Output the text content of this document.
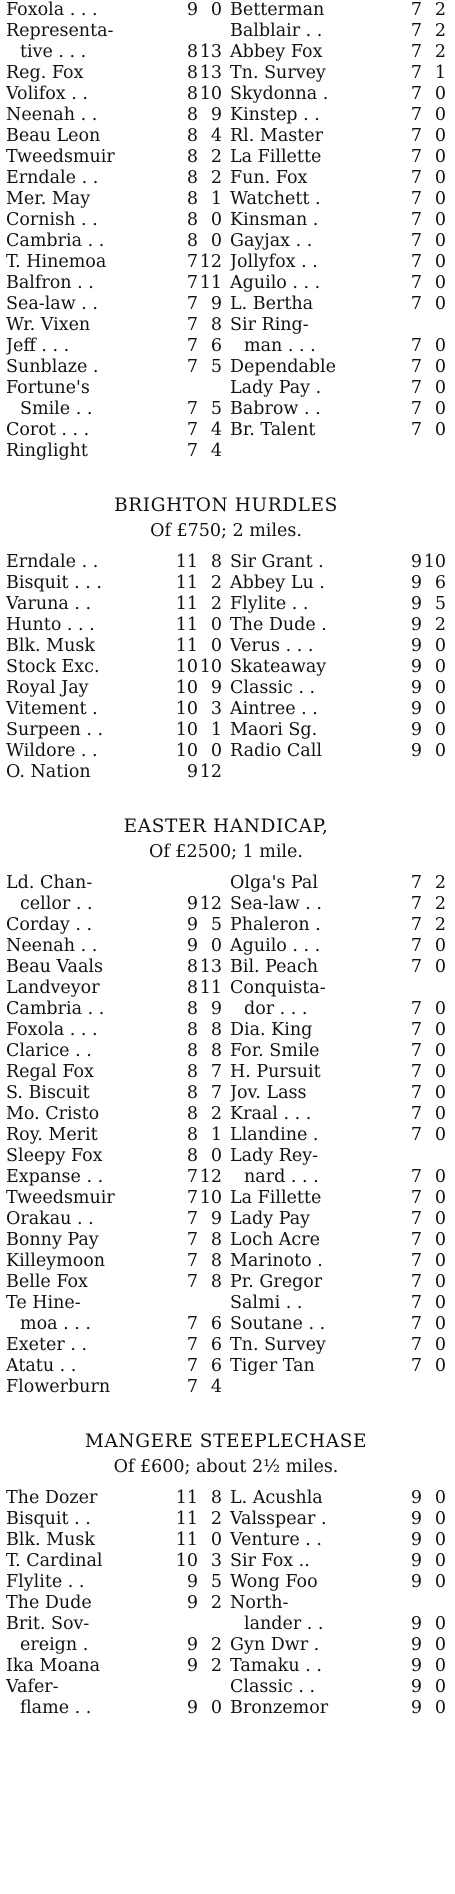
Foxola . . .	9 0
Representa-
tive . . .	8 13
Reg. Fox	8 13
Volifox . .	8 10
Neenah . .	8 9
Beau Leon	8 4
Tweedsmuir	8 2
Erndale . .	8 2
Mer. May	8 1
Cornish . .	8 0
Cambria . .	8 0
T. Hinemoa	7 12
Balfron . .	7 11
Sea-law . .	7 9
Wr. Vixen	7 8
Jeff . . .	7 6
Sunblaze .	7 5
Fortune's
Smile . .	7 5
Corot . . .	7 4
Ringlight	7 4
Betterman	7 2
Balblair . .	7 2
Abbey Fox	7 2
Tn. Survey	7 1
Skydonna .	7 0
Kinstep . .	7 0
Rl. Master	7 0
La Fillette	7 0
Fun. Fox	7 0
Watchett .	7 0
Kinsman .	7 0
Gayjax . .	7 0
Jollyfox . .	7 0
Aguilo . . .	7 0
L. Bertha	7 0
Sir Ring-
man . . .	7 0
Dependable	7 0
Lady Pay .	7 0
Babrow . .	7 0
Br. Talent	7 0
BRIGHTON HURDLES
Of £750; 2 miles.
Erndale . .	11 8
Bisquit . . .	11 2
Varuna . .	11 2
Hunto . . .	11 0
Blk. Musk	11 0
Stock Exc.	10 10
Royal Jay	10 9
Vitement .	10 3
Surpeen . .	10 1
Wildore . .	10 0
O. Nation	9 12
Sir Grant .	9 10
Abbey Lu .	9 6
Flylite . .	9 5
The Dude .	9 2
Verus . . .	9 0
Skateaway	9 0
Classic . .	9 0
Aintree . .	9 0
Maori Sg.	9 0
Radio Call	9 0
EASTER HANDICAP,
Of £2500; 1 mile.
Ld. Chan-
cellor . .	9 12
Corday . .	9 5
Neenah . .	9 0
Beau Vaals	8 13
Landveyor	8 11
Cambria . .	8 9
Foxola . . .	8 8
Clarice . .	8 8
Regal Fox	8 7
S. Biscuit	8 7
Mo. Cristo	8 2
Roy. Merit	8 1
Sleepy Fox	8 0
Expanse . .	7 12
Tweedsmuir	7 10
Orakau . .	7 9
Bonny Pay	7 8
Killeymoon	7 8
Belle Fox	7 8
Te Hine-
moa . . .	7 6
Exeter . .	7 6
Atatu . .	7 6
Flowerburn	7 4
Olga's Pal	7 2
Sea-law . .	7 2
Phaleron .	7 2
Aguilo . . .	7 0
Bil. Peach	7 0
Conquista-
dor . . .	7 0
Dia. King	7 0
For. Smile	7 0
H. Pursuit	7 0
Jov. Lass	7 0
Kraal . . .	7 0
Llandine .	7 0
Lady Rey-
nard . . .	7 0
La Fillette	7 0
Lady Pay	7 0
Loch Acre	7 0
Marinoto .	7 0
Pr. Gregor	7 0
Salmi . .	7 0
Soutane . .	7 0
Tn. Survey	7 0
Tiger Tan	7 0
MANGERE STEEPLECHASE
Of £600; about 2½ miles.
The Dozer	11 8
Bisquit . .	11 2
Blk. Musk	11 0
T. Cardinal	10 3
Flylite . .	9 5
The Dude	9 2
Brit. Sov-
ereign .	9 2
Ika Moana	9 2
Vafer-
flame . .	9 0
L. Acushla	9 0
Valsspear .	9 0
Venture . .	9 0
Sir Fox ..	9 0
Wong Foo	9 0
North-
lander . .	9 0
Gyn Dwr .	9 0
Tamaku . .	9 0
Classic . .	9 0
Bronzemor	9 0
